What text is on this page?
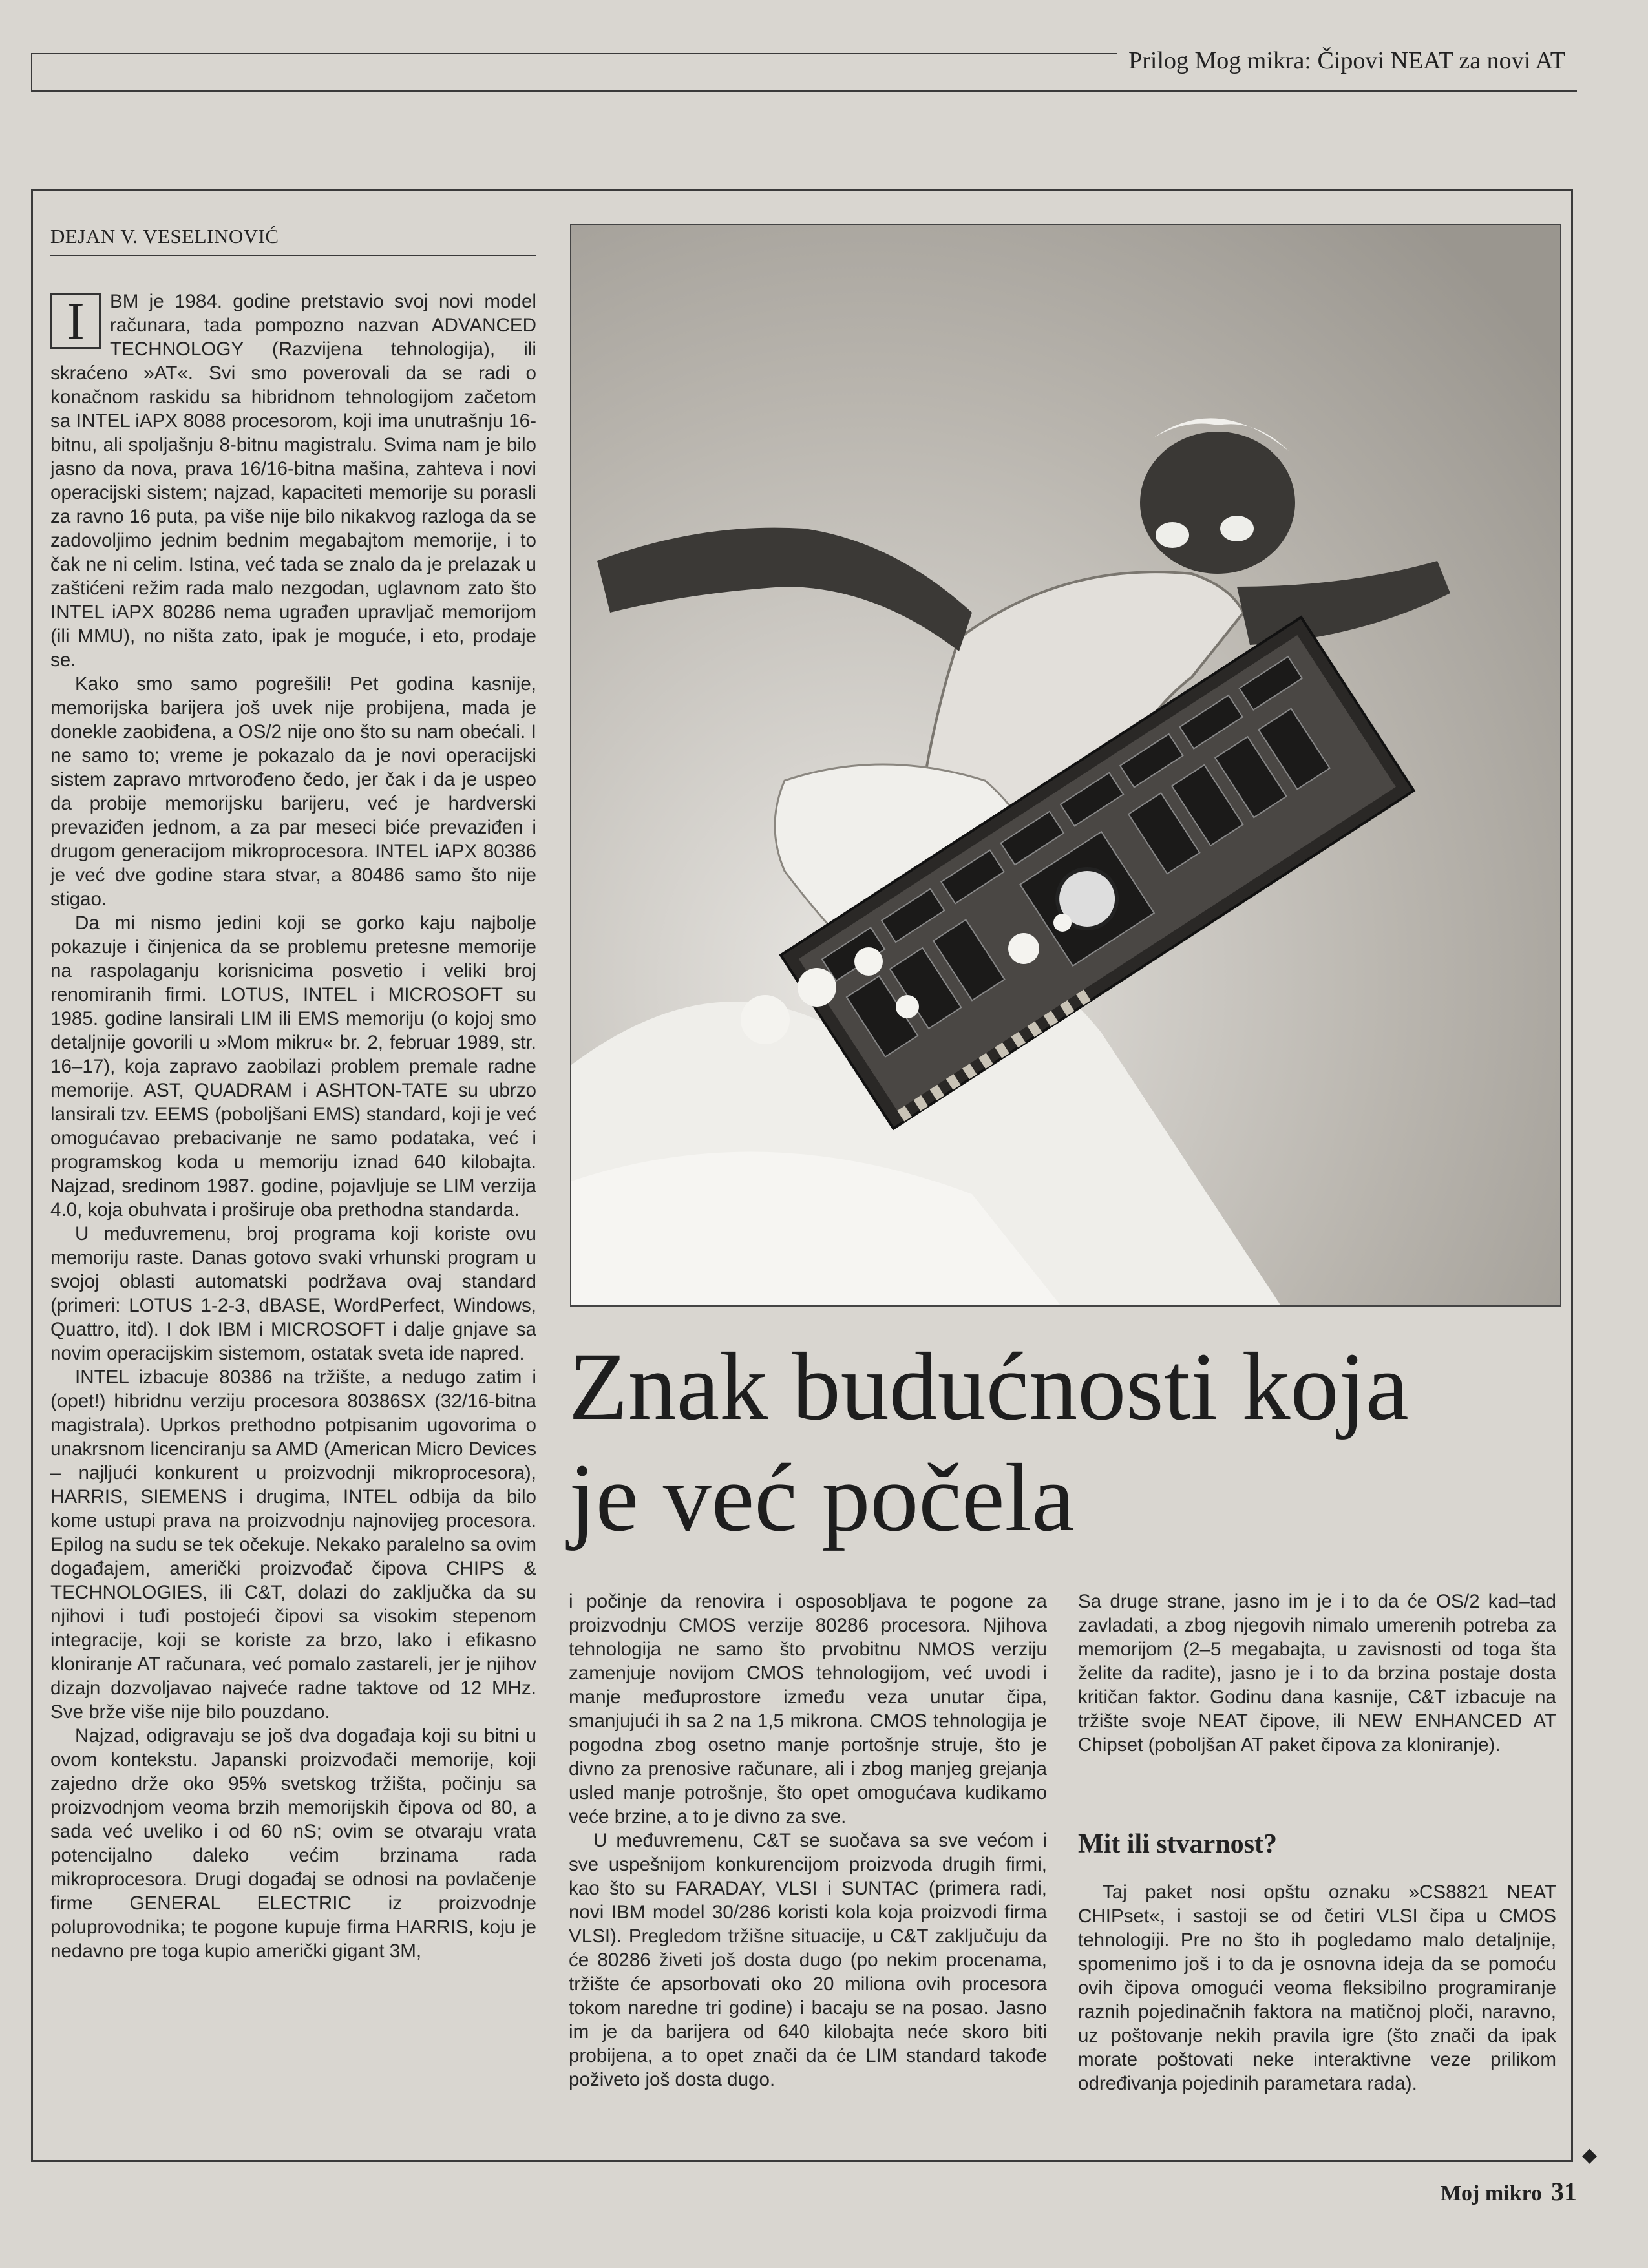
Prilog Mog mikra: Čipovi NEAT za novi AT
DEJAN V. VESELINOVIĆ

I	BM je 1984. godine pretstavio svoj novi model računara, tada pompozno nazvan ADVANCED TECHNOLOGY (Razvijena tehnologija), ili skraćeno »AT«. Svi smo poverovali da se radi o konačnom raskidu sa hibridnom tehnologijom začetom sa INTEL iAPX 8088 procesorom, koji ima unutrašnju 16-bitnu, ali spoljašnju 8-bitnu magistralu. Svima nam je bilo jasno da nova, prava 16/16-bitna mašina, zahteva i novi operacijski sistem; najzad, kapaciteti memorije su porasli za ravno 16 puta, pa više nije bilo nikakvog razloga da se zadovoljimo jednim bednim megabajtom memorije, i to čak ne ni celim. Istina, već tada se znalo da je prelazak u zaštićeni režim rada malo nezgodan, uglavnom zato što INTEL iAPX 80286 nema ugrađen upravljač memorijom (ili MMU), no ništa zato, ipak je moguće, i eto, prodaje se.

Kako smo samo pogrešili! Pet godina kasnije, memorijska barijera još uvek nije probijena, mada je donekle zaobiđena, a OS/2 nije ono što su nam obećali. I ne samo to; vreme je pokazalo da je novi operacijski sistem zapravo mrtvorođeno čedo, jer čak i da je uspeo da probije memorijsku barijeru, već je hardverski prevaziđen jednom, a za par meseci biće prevaziđen i drugom generacijom mikroprocesora. INTEL iAPX 80386 je već dve godine stara stvar, a 80486 samo što nije stigao.

Da mi nismo jedini koji se gorko kaju najbolje pokazuje i činjenica da se problemu pretesne memorije na raspolaganju korisnicima posvetio i veliki broj renomiranih firmi. LOTUS, INTEL i MICROSOFT su 1985. godine lansirali LIM ili EMS memoriju (o kojoj smo detaljnije govorili u »Mom mikru« br. 2, februar 1989, str. 16–17), koja zapravo zaobilazi problem premale radne memorije. AST, QUADRAM i ASHTON-TATE su ubrzo lansirali tzv. EEMS (poboljšani EMS) standard, koji je već omogućavao prebacivanje ne samo podataka, već i programskog koda u memoriju iznad 640 kilobajta. Najzad, sredinom 1987. godine, pojavljuje se LIM verzija 4.0, koja obuhvata i proširuje oba prethodna standarda.

U međuvremenu, broj programa koji koriste ovu memoriju raste. Danas gotovo svaki vrhunski program u svojoj oblasti automatski podržava ovaj standard (primeri: LOTUS 1-2-3, dBASE, WordPerfect, Windows, Quattro, itd). I dok IBM i MICROSOFT i dalje gnjave sa novim operacijskim sistemom, ostatak sveta ide napred.

INTEL izbacuje 80386 na tržište, a nedugo zatim i (opet!) hibridnu verziju procesora 80386SX (32/16-bitna magistrala). Uprkos prethodno potpisanim ugovorima o unakrsnom licenciranju sa AMD (American Micro Devices – najljući konkurent u proizvodnji mikroprocesora), HARRIS, SIEMENS i drugima, INTEL odbija da bilo kome ustupi prava na proizvodnju najnovijeg procesora. Epilog na sudu se tek očekuje. Nekako paralelno sa ovim događajem, američki proizvođač čipova CHIPS & TECHNOLOGIES, ili C&T, dolazi do zaključka da su njihovi i tuđi postojeći čipovi sa visokim stepenom integracije, koji se koriste za brzo, lako i efikasno kloniranje AT računara, već pomalo zastareli, jer je njihov dizajn dozvoljavao najveće radne taktove od 12 MHz. Sve brže više nije bilo pouzdano.

Najzad, odigravaju se još dva događaja koji su bitni u ovom kontekstu. Japanski proizvođači memorije, koji zajedno drže oko 95% svetskog tržišta, počinju sa proizvodnjom veoma brzih memorijskih čipova od 80, a sada već uveliko i od 60 nS; ovim se otvaraju vrata potencijalno daleko većim brzinama rada mikroprocesora. Drugi događaj se odnosi na povlačenje firme GENERAL ELECTRIC iz proizvodnje poluprovodnika; te pogone kupuje firma HARRIS, koju je nedavno pre toga kupio američki gigant 3M,

Znak budućnosti koja
je već počela

i počinje da renovira i osposobljava te pogone za proizvodnju CMOS verzije 80286 procesora. Njihova tehnologija ne samo što prvobitnu NMOS verziju zamenjuje novijom CMOS tehnologijom, već uvodi i manje međuprostore između veza unutar čipa, smanjujući ih sa 2 na 1,5 mikrona. CMOS tehnologija je pogodna zbog osetno manje portošnje struje, što je divno za prenosive računare, ali i zbog manjeg grejanja usled manje potrošnje, što opet omogućava kudikamo veće brzine, a to je divno za sve.

U međuvremenu, C&T se suočava sa sve većom i sve uspešnijom konkurencijom proizvoda drugih firmi, kao što su FARADAY, VLSI i SUNTAC (primera radi, novi IBM model 30/286 koristi kola koja proizvodi firma VLSI). Pregledom tržišne situacije, u C&T zaključuju da će 80286 živeti još dosta dugo (po nekim procenama, tržište će apsorbovati oko 20 miliona ovih procesora tokom naredne tri godine) i bacaju se na posao. Jasno im je da barijera od 640 kilobajta neće skoro biti probijena, a to opet znači da će LIM standard takođe poživeto još dosta dugo.

Sa druge strane, jasno im je i to da će OS/2 kad–tad zavladati, a zbog njegovih nimalo umerenih potreba za memorijom (2–5 megabajta, u zavisnosti od toga šta želite da radite), jasno je i to da brzina postaje dosta kritičan faktor. Godinu dana kasnije, C&T izbacuje na tržište svoje NEAT čipove, ili NEW ENHANCED AT Chipset (poboljšan AT paket čipova za kloniranje).

Mit ili stvarnost?

Taj paket nosi opštu oznaku »CS8821 NEAT CHIPset«, i sastoji se od četiri VLSI čipa u CMOS tehnologiji. Pre no što ih pogledamo malo detaljnije, spomenimo još i to da je osnovna ideja da se pomoću ovih čipova omogući veoma fleksibilno programiranje raznih pojedinačnih faktora na matičnoj ploči, naravno, uz poštovanje nekih pravila igre (što znači da ipak morate poštovati neke interaktivne veze prilikom određivanja pojedinih parametara rada).

◆
Moj mikro 31
